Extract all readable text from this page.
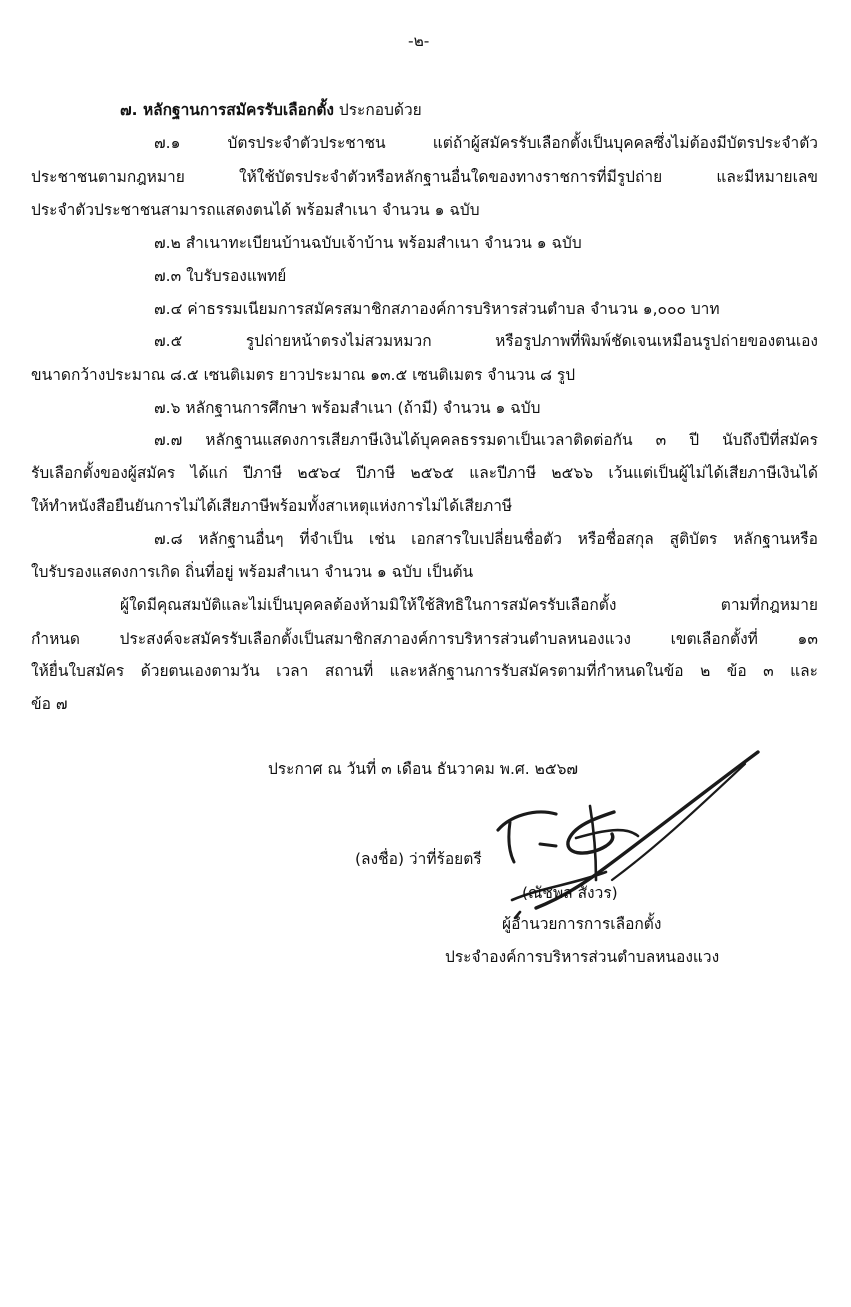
-๒-
๗. หลักฐานการสมัครรับเลือกตั้ง ประกอบด้วย
๗.๑ บัตรประจำตัวประชาชน แต่ถ้าผู้สมัครรับเลือกตั้งเป็นบุคคลซึ่งไม่ต้องมีบัตรประจำตัว
ประชาชนตามกฎหมาย ให้ใช้บัตรประจำตัวหรือหลักฐานอื่นใดของทางราชการที่มีรูปถ่าย และมีหมายเลข
ประจำตัวประชาชนสามารถแสดงตนได้ พร้อมสำเนา จำนวน ๑ ฉบับ
๗.๒ สำเนาทะเบียนบ้านฉบับเจ้าบ้าน พร้อมสำเนา จำนวน ๑ ฉบับ
๗.๓ ใบรับรองแพทย์
๗.๔ ค่าธรรมเนียมการสมัครสมาชิกสภาองค์การบริหารส่วนตำบล จำนวน ๑,๐๐๐ บาท
๗.๕ รูปถ่ายหน้าตรงไม่สวมหมวก หรือรูปภาพที่พิมพ์ชัดเจนเหมือนรูปถ่ายของตนเอง
ขนาดกว้างประมาณ ๘.๕ เซนติเมตร ยาวประมาณ ๑๓.๕ เซนติเมตร จำนวน ๘ รูป
๗.๖ หลักฐานการศึกษา พร้อมสำเนา (ถ้ามี) จำนวน ๑ ฉบับ
๗.๗ หลักฐานแสดงการเสียภาษีเงินได้บุคคลธรรมดาเป็นเวลาติดต่อกัน ๓ ปี นับถึงปีที่สมัคร
รับเลือกตั้งของผู้สมัคร ได้แก่ ปีภาษี ๒๕๖๔ ปีภาษี ๒๕๖๕ และปีภาษี ๒๕๖๖ เว้นแต่เป็นผู้ไม่ได้เสียภาษีเงินได้
ให้ทำหนังสือยืนยันการไม่ได้เสียภาษีพร้อมทั้งสาเหตุแห่งการไม่ได้เสียภาษี
๗.๘ หลักฐานอื่นๆ ที่จำเป็น เช่น เอกสารใบเปลี่ยนชื่อตัว หรือชื่อสกุล สูติบัตร หลักฐานหรือ
ใบรับรองแสดงการเกิด ถิ่นที่อยู่ พร้อมสำเนา จำนวน ๑ ฉบับ เป็นต้น
ผู้ใดมีคุณสมบัติและไม่เป็นบุคคลต้องห้ามมิให้ใช้สิทธิในการสมัครรับเลือกตั้ง ตามที่กฎหมาย
กำหนด ประสงค์จะสมัครรับเลือกตั้งเป็นสมาชิกสภาองค์การบริหารส่วนตำบลหนองแวง เขตเลือกตั้งที่ ๑๓
ให้ยื่นใบสมัคร ด้วยตนเองตามวัน เวลา สถานที่ และหลักฐานการรับสมัครตามที่กำหนดในข้อ ๒ ข้อ ๓ และ
ข้อ ๗
ประกาศ ณ วันที่ ๓ เดือน ธันวาคม พ.ศ. ๒๕๖๗
(ลงชื่อ) ว่าที่ร้อยตรี
(ณัชพล สังวร)
ผู้อำนวยการการเลือกตั้ง
ประจำองค์การบริหารส่วนตำบลหนองแวง
